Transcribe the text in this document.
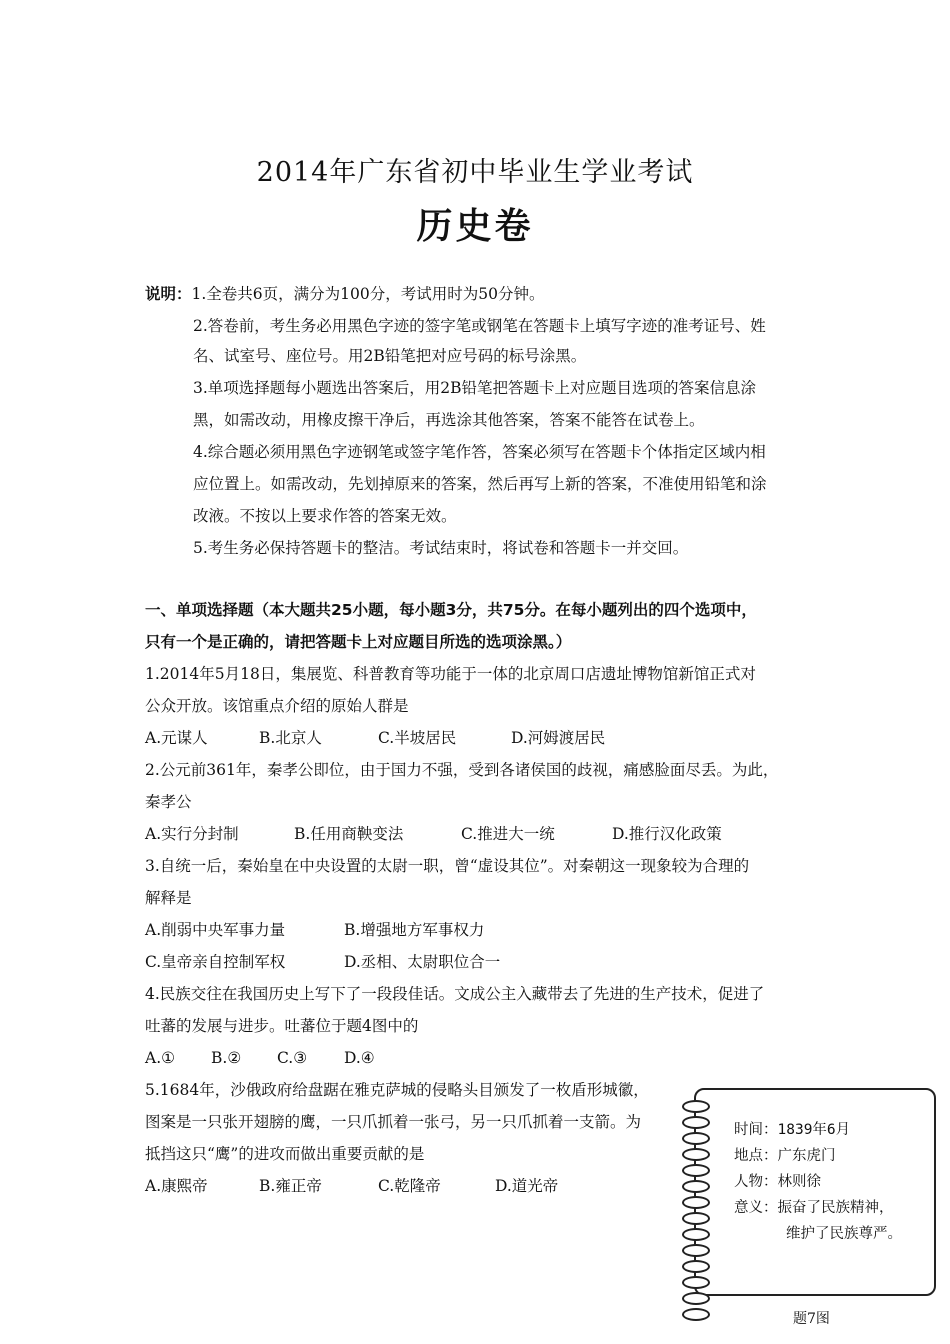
2014年广东省初中毕业生学业考试
历史卷
说明：1.全卷共6页，满分为100分，考试用时为50分钟。
2.答卷前，考生务必用黑色字迹的签字笔或钢笔在答题卡上填写字迹的准考证号、姓
名、试室号、座位号。用2B铅笔把对应号码的标号涂黑。
3.单项选择题每小题选出答案后，用2B铅笔把答题卡上对应题目选项的答案信息涂
黑，如需改动，用橡皮擦干净后，再选涂其他答案，答案不能答在试卷上。
4.综合题必须用黑色字迹钢笔或签字笔作答，答案必须写在答题卡个体指定区域内相
应位置上。如需改动，先划掉原来的答案，然后再写上新的答案，不准使用铅笔和涂
改液。不按以上要求作答的答案无效。
5.考生务必保持答题卡的整洁。考试结束时，将试卷和答题卡一并交回。
一、单项选择题（本大题共25小题，每小题3分，共75分。在每小题列出的四个选项中，
只有一个是正确的，请把答题卡上对应题目所选的选项涂黑。）
1.2014年5月18日，集展览、科普教育等功能于一体的北京周口店遗址博物馆新馆正式对
公众开放。该馆重点介绍的原始人群是
A.元谋人	B.北京人	C.半坡居民	D.河姆渡居民
2.公元前361年，秦孝公即位，由于国力不强，受到各诸侯国的歧视，痛感脸面尽丢。为此，
秦孝公
A.实行分封制	B.任用商鞅变法	C.推进大一统	D.推行汉化政策
3.自统一后，秦始皇在中央设置的太尉一职，曾“虚设其位”。对秦朝这一现象较为合理的
解释是
A.削弱中央军事力量	B.增强地方军事权力
C.皇帝亲自控制军权	D.丞相、太尉职位合一
4.民族交往在我国历史上写下了一段段佳话。文成公主入藏带去了先进的生产技术，促进了
吐蕃的发展与进步。吐蕃位于题4图中的
A.① B.② C.③ D.④
5.1684年，沙俄政府给盘踞在雅克萨城的侵略头目颁发了一枚盾形城徽，
图案是一只张开翅膀的鹰，一只爪抓着一张弓，另一只爪抓着一支箭。为
抵挡这只“鹰”的进攻而做出重要贡献的是
A.康熙帝	B.雍正帝	C.乾隆帝	D.道光帝
时间：1839年6月
地点：广东虎门
人物：林则徐
意义：振奋了民族精神，
维护了民族尊严。
题7图
